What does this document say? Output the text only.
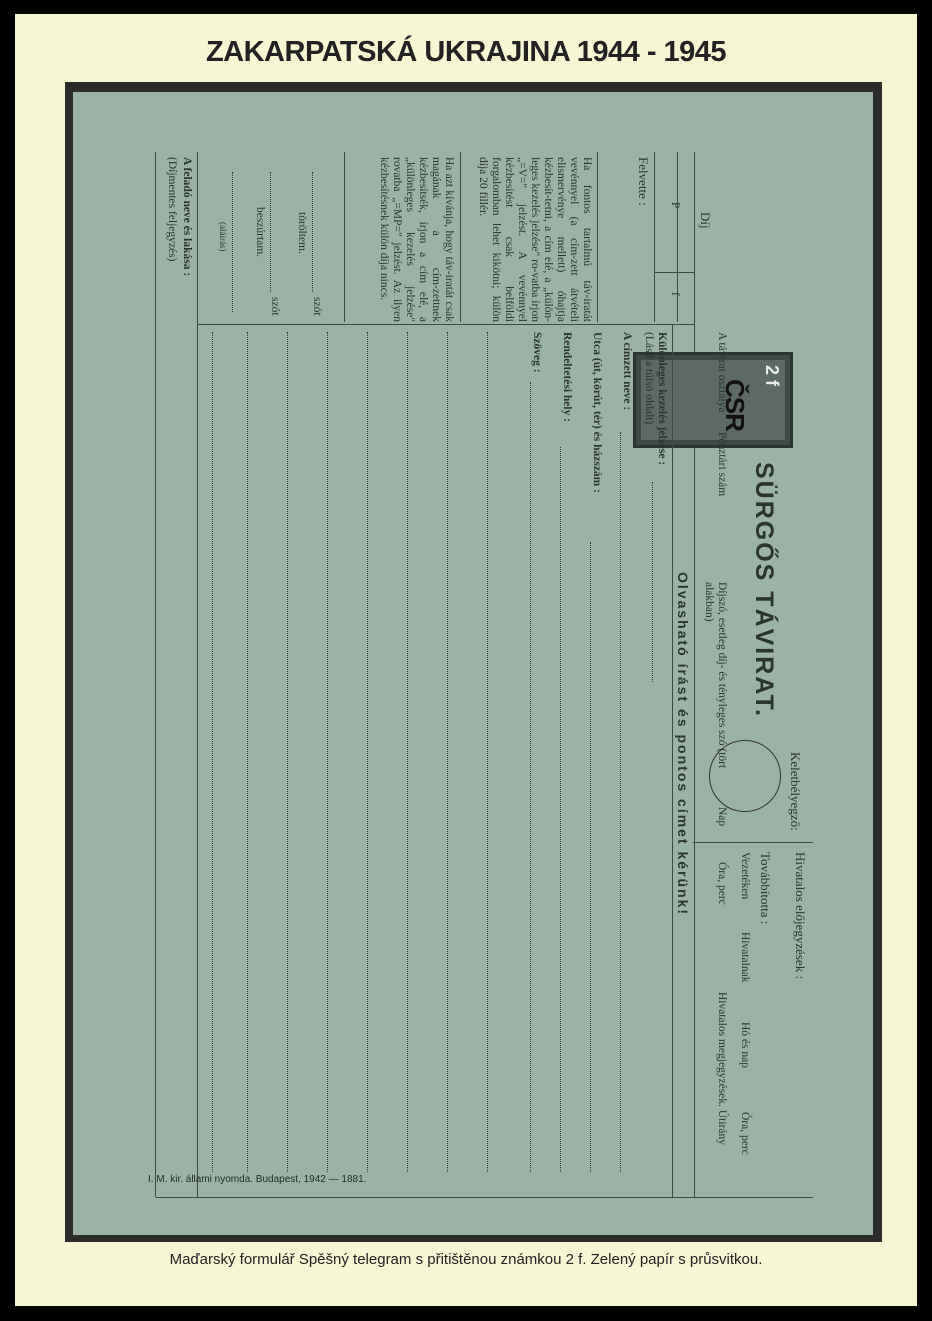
ZAKARPATSKÁ UKRAJINA 1944 - 1945
Maďarský formulář Spěšný telegram s přitištěnou známkou 2 f. Zelený papír s průsvitkou.
Díj
P
f
Felvette :
Ha fontos tartalmú táv-iratát vevénnyel (a cím-zett átvételi elismervénye mellett) óhajtja kézbesít-tetni, a cím elé, a „külön-leges kezelés jelzése" ro-vatba írjon „=V=" jelzést. A vevénnyel kézbesítést csak belföldi forgalomban lehet kikötni; külön díja 20 fillér.
Ha azt kívánja, hogy táv-iratát csak magának a cím-zettnek kézbesítsék, írjon a cím elé, a „különleges kezelés jelzése" rovatba „=MP=" jelzést. Az ilyen kézbesítésnek külön díja nincs.
szót
töröltem.
szót
beszúrtam.
(aláírás)
A feladó neve és lakása :
(Díjmentes feljegyzés)
2 f
ČSR
SÜRGŐS TÁVIRAT.
Keletbélyegző:
Hivatalos előjegyzések :
Továbbította :
Vezetéken
Hivatalnak
Hó és nap
Óra, perc
A távirat osztálya
Pénztári szám
Díjszó, esetleg díj- és tényleges szó (tört alakban)
Nap
Óra, perc
Hivatalos megjegyzések. Útirány
Olvasható írást és pontos címet kérünk!
Különleges kezelés jelzése :
(Lásd a túlsó oldalt)
A címzett neve :
Utca (út, körút, tér) és házszám :
Rendeltetési hely :
Szöveg :
I. M. kir. állami nyomda. Budapest, 1942 — 1881.
